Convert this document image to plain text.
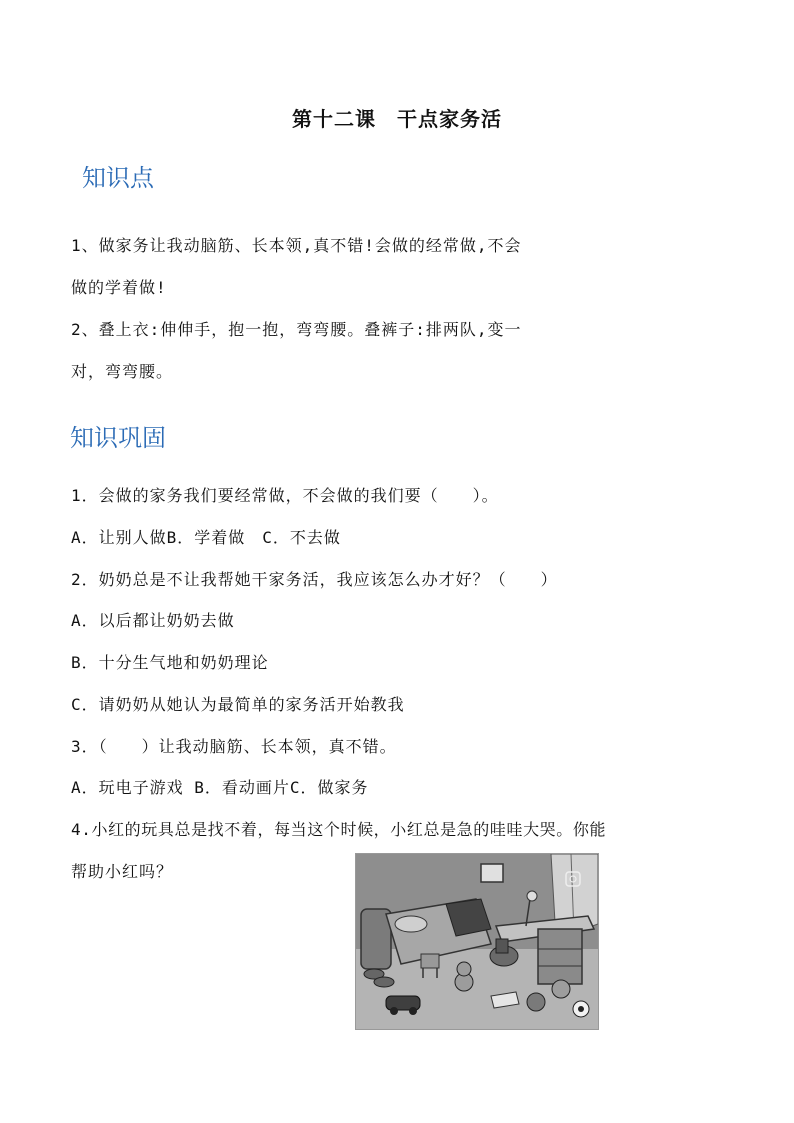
第十二课　干点家务活
知识点
1、做家务让我动脑筋、长本领,真不错!会做的经常做,不会
做的学着做!
2、叠上衣:伸伸手，抱一抱，弯弯腰。叠裤子:排两队,变一
对，弯弯腰。
知识巩固
1．会做的家务我们要经常做，不会做的我们要（　　）。
A．让别人做B．学着做　C．不去做
2．奶奶总是不让我帮她干家务活，我应该怎么办才好？（　　）
A．以后都让奶奶去做
B．十分生气地和奶奶理论
C．请奶奶从她认为最简单的家务活开始教我
3．（　　）让我动脑筋、长本领，真不错。
A．玩电子游戏 B．看动画片C．做家务
4.小红的玩具总是找不着，每当这个时候，小红总是急的哇哇大哭。你能
帮助小红吗？
